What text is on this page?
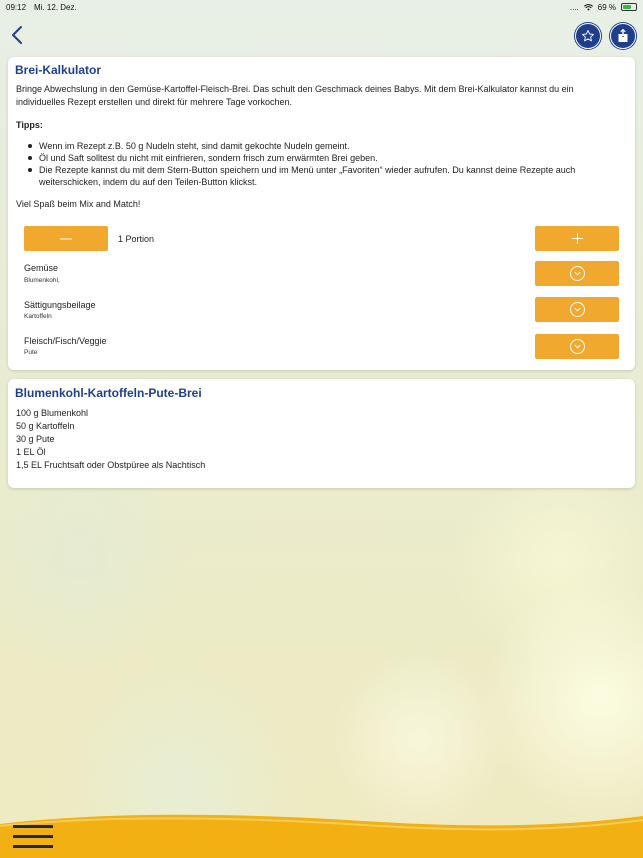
09:12 Mi. 12. Dez.	.... 69 %
Brei-Kalkulator
Bringe Abwechslung in den Gemüse-Kartoffel-Fleisch-Brei. Das schult den Geschmack deines Babys. Mit dem Brei-Kalkulator kannst du ein individuelles Rezept erstellen und direkt für mehrere Tage vorkochen.
Tipps:
Wenn im Rezept z.B. 50 g Nudeln steht, sind damit gekochte Nudeln gemeint.
Öl und Saft solltest du nicht mit einfrieren, sondern frisch zum erwärmten Brei geben.
Die Rezepte kannst du mit dem Stern-Button speichern und im Menü unter „Favoriten“ wieder aufrufen. Du kannst deine Rezepte auch weiterschicken, indem du auf den Teilen-Button klickst.
Viel Spaß beim Mix and Match!
1 Portion
Gemüse
Blumenkohl,
Sättigungsbeilage
Kartoffeln
Fleisch/Fisch/Veggie
Pute
Blumenkohl-Kartoffeln-Pute-Brei
100 g Blumenkohl
50 g Kartoffeln
30 g Pute
1 EL Öl
1,5 EL Fruchtsaft oder Obstpüree als Nachtisch
